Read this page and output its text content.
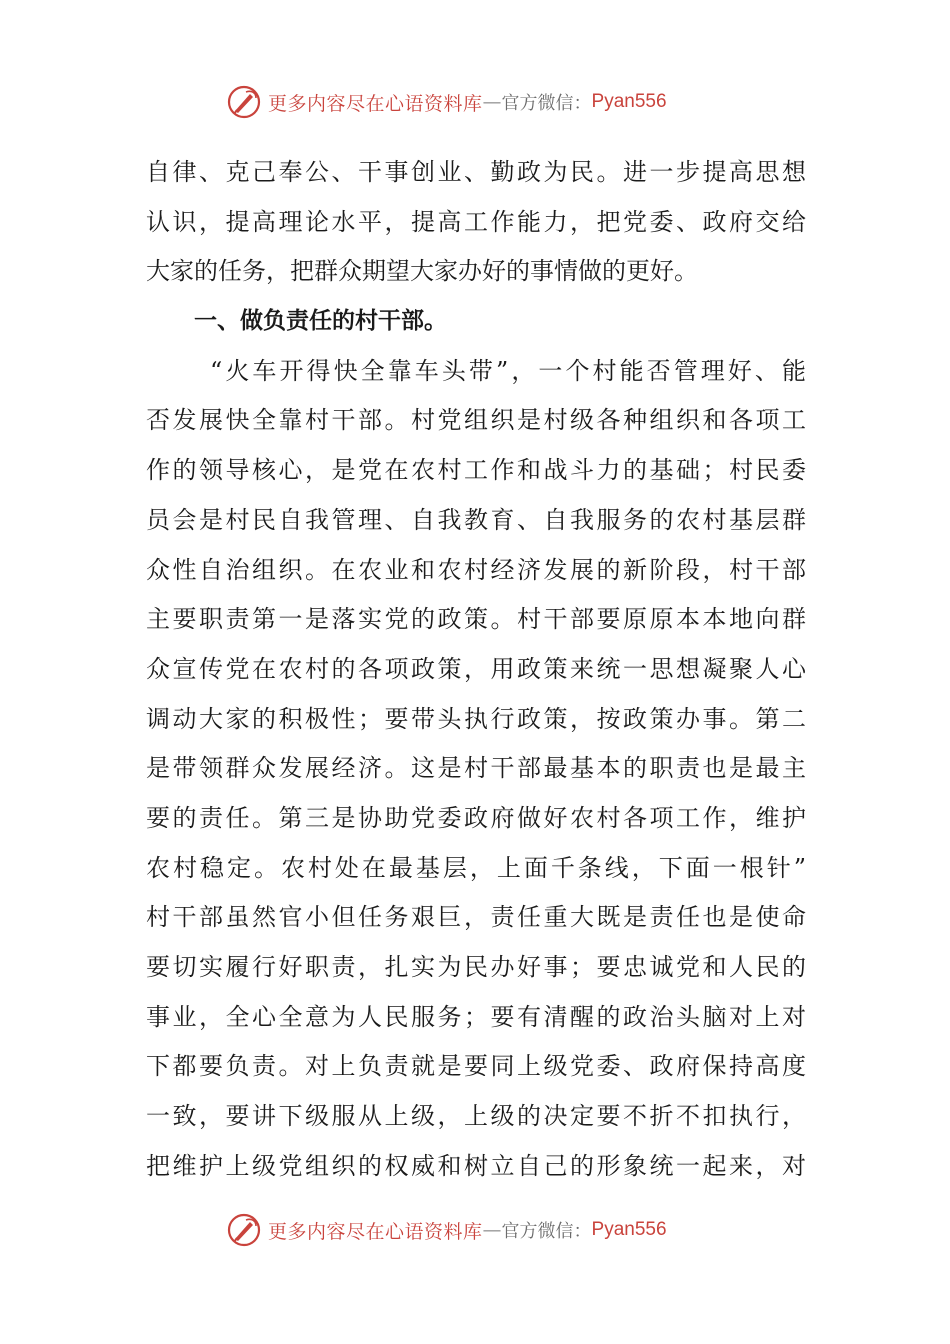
更多内容尽在心语资料库 — 官方微信： Pyan556
自律、克己奉公、干事创业、勤政为民。进一步提高思想
认识，提高理论水平，提高工作能力，把党委、政府交给
大家的任务，把群众期望大家办好的事情做的更好。
一、做负责任的村干部。
“火车开得快全靠车头带”，一个村能否管理好、能
否发展快全靠村干部。村党组织是村级各种组织和各项工
作的领导核心，是党在农村工作和战斗力的基础；村民委
员会是村民自我管理、自我教育、自我服务的农村基层群
众性自治组织。在农业和农村经济发展的新阶段，村干部
主要职责第一是落实党的政策。村干部要原原本本地向群
众宣传党在农村的各项政策，用政策来统一思想凝聚人心
调动大家的积极性；要带头执行政策，按政策办事。第二
是带领群众发展经济。这是村干部最基本的职责也是最主
要的责任。第三是协助党委政府做好农村各项工作，维护
农村稳定。农村处在最基层，上面千条线，下面一根针”
村干部虽然官小但任务艰巨，责任重大既是责任也是使命
要切实履行好职责，扎实为民办好事；要忠诚党和人民的
事业，全心全意为人民服务；要有清醒的政治头脑对上对
下都要负责。对上负责就是要同上级党委、政府保持高度
一致，要讲下级服从上级，上级的决定要不折不扣执行，
把维护上级党组织的权威和树立自己的形象统一起来，对
更多内容尽在心语资料库 — 官方微信： Pyan556
